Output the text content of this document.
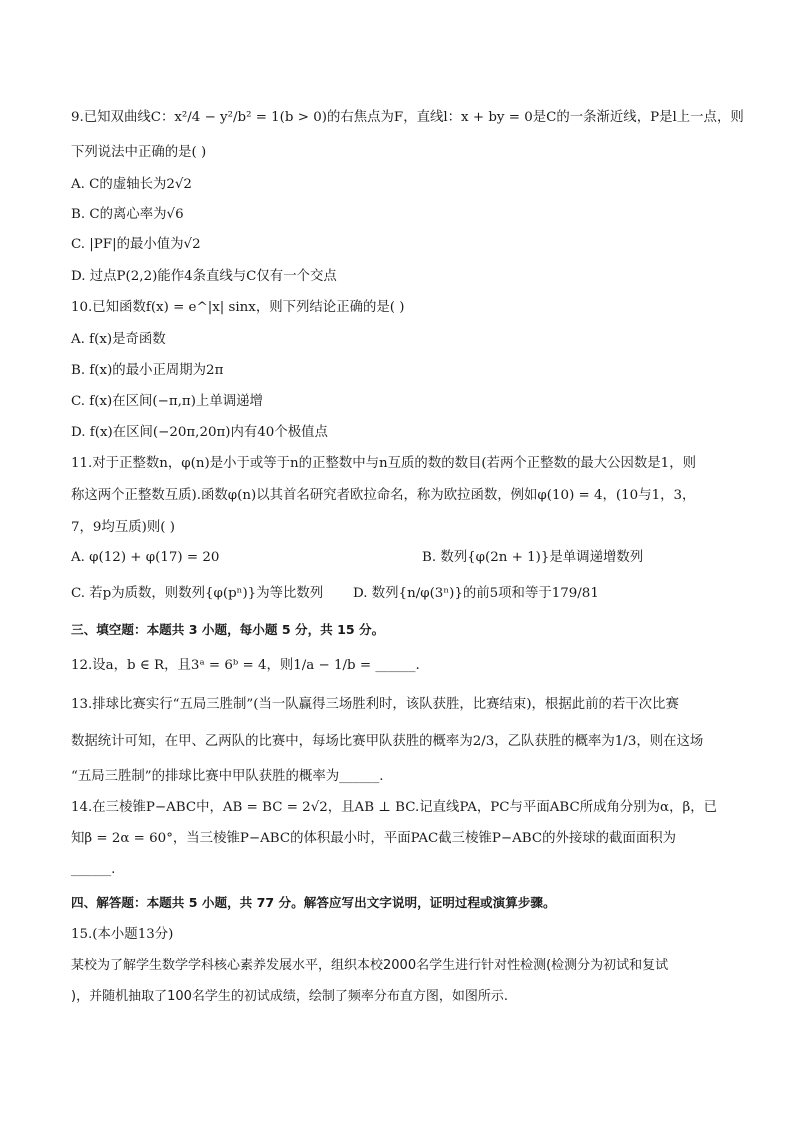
9.已知双曲线C：x²/4 − y²/b² = 1(b > 0)的右焦点为F，直线l：x + by = 0是C的一条渐近线，P是l上一点，则
下列说法中正确的是( )
A. C的虚轴长为2√2
B. C的离心率为√6
C. |PF|的最小值为√2
D. 过点P(2,2)能作4条直线与C仅有一个交点
10.已知函数f(x) = e^|x| sinx，则下列结论正确的是( )
A. f(x)是奇函数
B. f(x)的最小正周期为2π
C. f(x)在区间(−π,π)上单调递增
D. f(x)在区间(−20π,20π)内有40个极值点
11.对于正整数n，φ(n)是小于或等于n的正整数中与n互质的数的数目(若两个正整数的最大公因数是1，则
称这两个正整数互质).函数φ(n)以其首名研究者欧拉命名，称为欧拉函数，例如φ(10) = 4，(10与1，3，
7，9均互质)则( )
A. φ(12) + φ(17) = 20	B. 数列{φ(2n + 1)}是单调递增数列
C. 若p为质数，则数列{φ(pⁿ)}为等比数列 D. 数列{n/φ(3ⁿ)}的前5项和等于179/81
三、填空题：本题共 3 小题，每小题 5 分，共 15 分。
12.设a，b ∈ R，且3ᵃ = 6ᵇ = 4，则1/a − 1/b = ______.
13.排球比赛实行“五局三胜制”(当一队赢得三场胜利时，该队获胜，比赛结束)，根据此前的若干次比赛
数据统计可知，在甲、乙两队的比赛中，每场比赛甲队获胜的概率为2/3，乙队获胜的概率为1/3，则在这场
“五局三胜制”的排球比赛中甲队获胜的概率为______.
14.在三棱锥P−ABC中，AB = BC = 2√2，且AB ⊥ BC.记直线PA，PC与平面ABC所成角分别为α，β，已
知β = 2α = 60°，当三棱锥P−ABC的体积最小时，平面PAC截三棱锥P−ABC的外接球的截面面积为
______.
四、解答题：本题共 5 小题，共 77 分。解答应写出文字说明，证明过程或演算步骤。
15.(本小题13分)
某校为了解学生数学学科核心素养发展水平，组织本校2000名学生进行针对性检测(检测分为初试和复试
)，并随机抽取了100名学生的初试成绩，绘制了频率分布直方图，如图所示.
